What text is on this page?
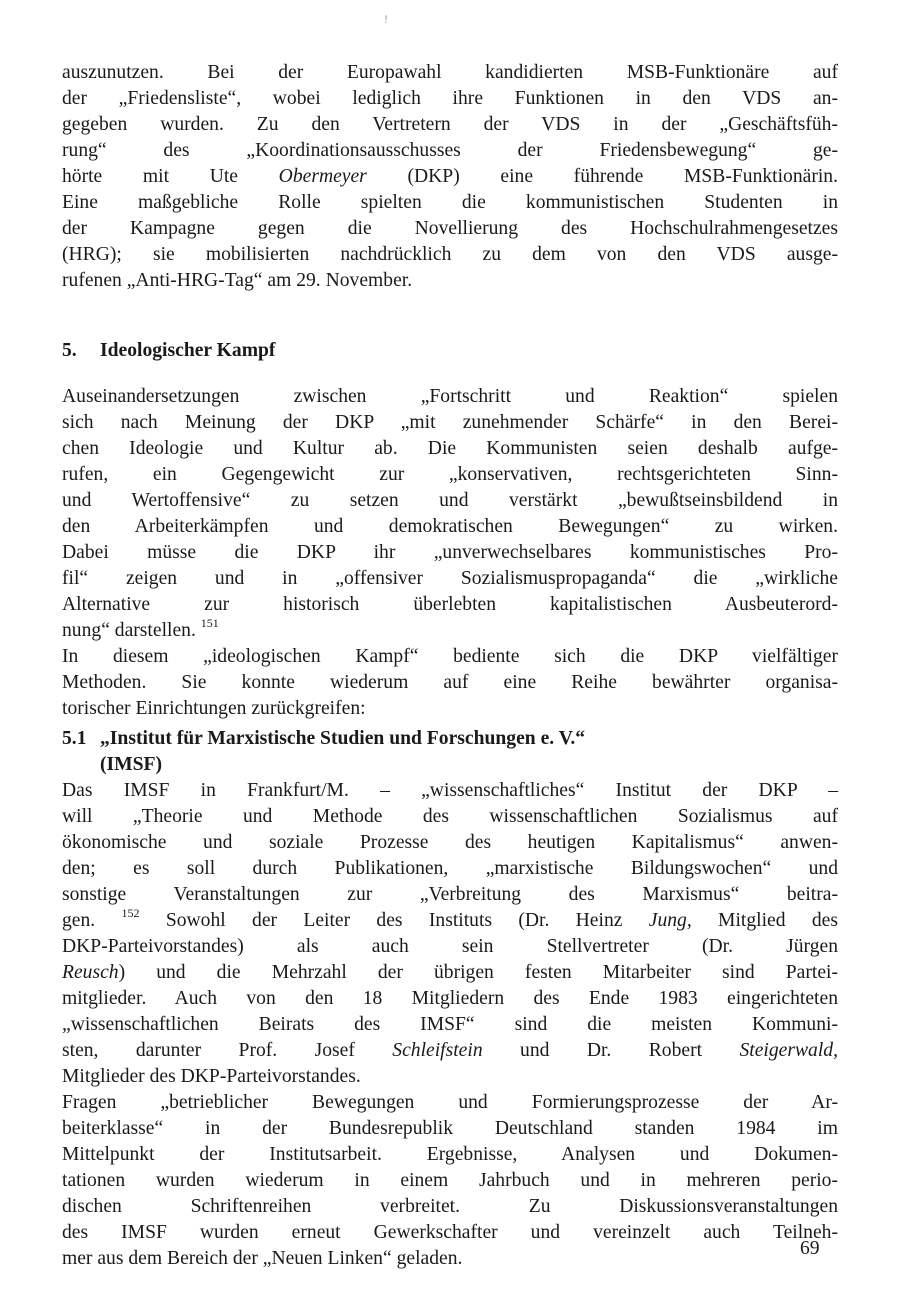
!
auszunutzen. Bei der Europawahl kandidierten MSB-Funktionäre auf
der „Friedensliste“, wobei lediglich ihre Funktionen in den VDS an-
gegeben wurden. Zu den Vertretern der VDS in der „Geschäftsfüh-
rung“ des „Koordinationsausschusses der Friedensbewegung“ ge-
hörte mit Ute Obermeyer (DKP) eine führende MSB-Funktionärin.
Eine maßgebliche Rolle spielten die kommunistischen Studenten in
der Kampagne gegen die Novellierung des Hochschulrahmengesetzes
(HRG); sie mobilisierten nachdrücklich zu dem von den VDS ausge-
rufenen „Anti-HRG-Tag“ am 29. November.
5. Ideologischer Kampf
Auseinandersetzungen zwischen „Fortschritt und Reaktion“ spielen
sich nach Meinung der DKP „mit zunehmender Schärfe“ in den Berei-
chen Ideologie und Kultur ab. Die Kommunisten seien deshalb aufge-
rufen, ein Gegengewicht zur „konservativen, rechtsgerichteten Sinn-
und Wertoffensive“ zu setzen und verstärkt „bewußtseinsbildend in
den Arbeiterkämpfen und demokratischen Bewegungen“ zu wirken.
Dabei müsse die DKP ihr „unverwechselbares kommunistisches Pro-
fil“ zeigen und in „offensiver Sozialismuspropaganda“ die „wirkliche
Alternative zur historisch überlebten kapitalistischen Ausbeuterord-
nung“ darstellen. $^{151}$
In diesem „ideologischen Kampf“ bediente sich die DKP vielfältiger
Methoden. Sie konnte wiederum auf eine Reihe bewährter organisa-
torischer Einrichtungen zurückgreifen:
5.1 „Institut für Marxistische Studien und Forschungen e. V.“
(IMSF)
Das IMSF in Frankfurt/M. – „wissenschaftliches“ Institut der DKP –
will „Theorie und Methode des wissenschaftlichen Sozialismus auf
ökonomische und soziale Prozesse des heutigen Kapitalismus“ anwen-
den; es soll durch Publikationen, „marxistische Bildungswochen“ und
sonstige Veranstaltungen zur „Verbreitung des Marxismus“ beitra-
gen. $^{152}$ Sowohl der Leiter des Instituts (Dr. Heinz Jung, Mitglied des
DKP-Parteivorstandes) als auch sein Stellvertreter (Dr. Jürgen
Reusch) und die Mehrzahl der übrigen festen Mitarbeiter sind Partei-
mitglieder. Auch von den 18 Mitgliedern des Ende 1983 eingerichteten
„wissenschaftlichen Beirats des IMSF“ sind die meisten Kommuni-
sten, darunter Prof. Josef Schleifstein und Dr. Robert Steigerwald,
Mitglieder des DKP-Parteivorstandes.
Fragen „betrieblicher Bewegungen und Formierungsprozesse der Ar-
beiterklasse“ in der Bundesrepublik Deutschland standen 1984 im
Mittelpunkt der Institutsarbeit. Ergebnisse, Analysen und Dokumen-
tationen wurden wiederum in einem Jahrbuch und in mehreren perio-
dischen Schriftenreihen verbreitet. Zu Diskussionsveranstaltungen
des IMSF wurden erneut Gewerkschafter und vereinzelt auch Teilneh-
mer aus dem Bereich der „Neuen Linken“ geladen.	69
